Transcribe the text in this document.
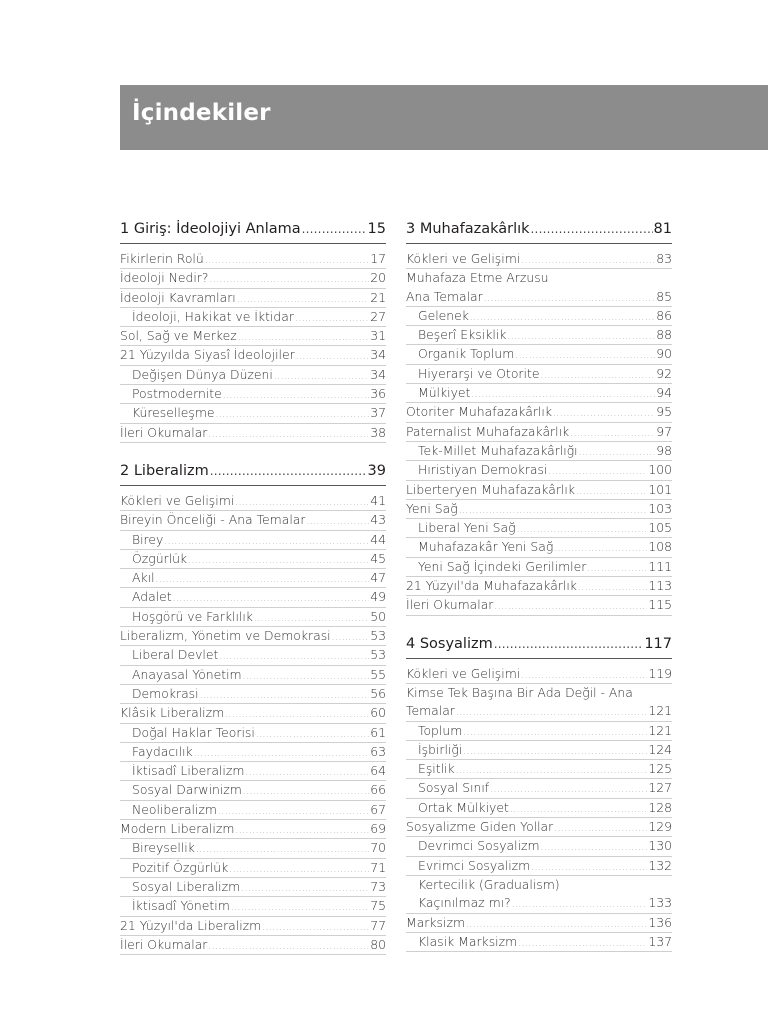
İçindekiler
1 Giriş: İdeolojiyi Anlama .....	15
Fikirlerin Rolü .....	17
İdeoloji Nedir? .....	20
İdeoloji Kavramları .....	21
İdeoloji, Hakikat ve İktidar .....	27
Sol, Sağ ve Merkez .....	31
21 Yüzyılda Siyasî İdeolojiler .....	34
Değişen Dünya Düzeni .....	34
Postmodernite .....	36
Küreselleşme .....	37
İleri Okumalar .....	38
2 Liberalizm .....	39
Kökleri ve Gelişimi .....	41
Bireyin Önceliği - Ana Temalar .....	43
Birey .....	44
Özgürlük .....	45
Akıl .....	47
Adalet .....	49
Hoşgörü ve Farklılık .....	50
Liberalizm, Yönetim ve Demokrasi .....	53
Liberal Devlet .....	53
Anayasal Yönetim .....	55
Demokrasi .....	56
Klâsik Liberalizm .....	60
Doğal Haklar Teorisi .....	61
Faydacılık .....	63
İktisadî Liberalizm .....	64
Sosyal Darwinizm .....	66
Neoliberalizm .....	67
Modern Liberalizm .....	69
Bireysellik .....	70
Pozitif Özgürlük .....	71
Sosyal Liberalizm .....	73
İktisadî Yönetim .....	75
21 Yüzyıl'da Liberalizm .....	77
İleri Okumalar .....	80
3 Muhafazakârlık .....	81
Kökleri ve Gelişimi .....	83
Muhafaza Etme Arzusu
Ana Temalar .....	85
Gelenek .....	86
Beşerî Eksiklik .....	88
Organik Toplum .....	90
Hiyerarşi ve Otorite .....	92
Mülkiyet .....	94
Otoriter Muhafazakârlık .....	95
Paternalist Muhafazakârlık .....	97
Tek-Millet Muhafazakârlığı .....	98
Hıristiyan Demokrasi .....	100
Liberteryen Muhafazakârlık .....	101
Yeni Sağ .....	103
Liberal Yeni Sağ .....	105
Muhafazakâr Yeni Sağ .....	108
Yeni Sağ İçindeki Gerilimler .....	111
21 Yüzyıl'da Muhafazakârlık .....	113
İleri Okumalar .....	115
4 Sosyalizm .....	117
Kökleri ve Gelişimi .....	119
Kimse Tek Başına Bir Ada Değil - Ana
Temalar .....	121
Toplum .....	121
İşbirliği .....	124
Eşitlik .....	125
Sosyal Sınıf .....	127
Ortak Mülkiyet .....	128
Sosyalizme Giden Yollar .....	129
Devrimci Sosyalizm .....	130
Evrimci Sosyalizm .....	132
Kertecilik (Gradualism)
Kaçınılmaz mı? .....	133
Marksizm .....	136
Klasik Marksizm .....	137
